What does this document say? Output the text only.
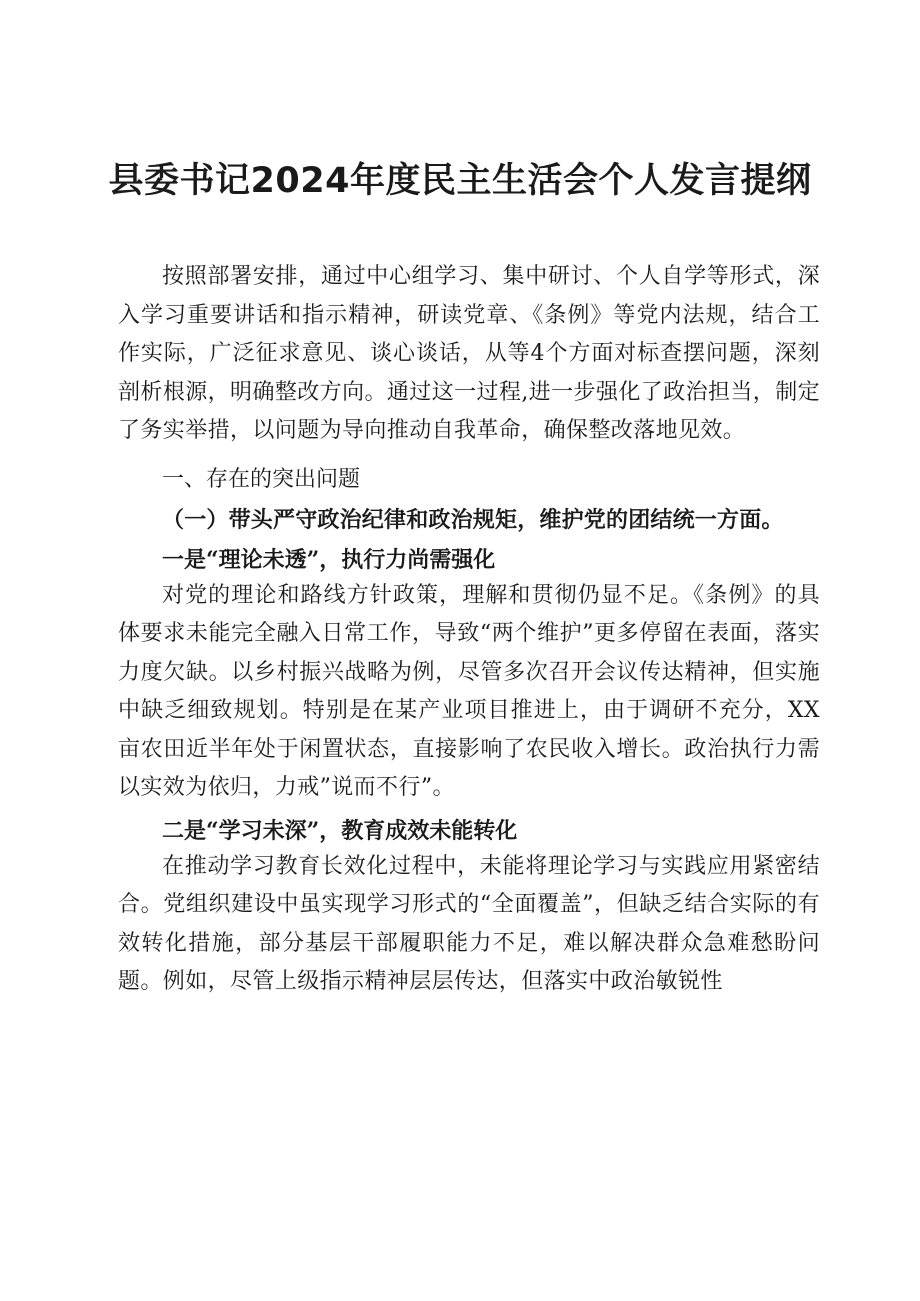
县委书记2024年度民主生活会个人发言提纲

按照部署安排，通过中心组学习、集中研讨、个人自学等形式，深入学习重要讲话和指示精神，研读党章、《条例》等党内法规，结合工作实际，广泛征求意见、谈心谈话，从等4个方面对标查摆问题，深刻剖析根源，明确整改方向。通过这一过程,进一步强化了政治担当，制定了务实举措，以问题为导向推动自我革命，确保整改落地见效。

一、存在的突出问题

（一）带头严守政治纪律和政治规矩，维护党的团结统一方面。

一是“理论未透”，执行力尚需强化

对党的理论和路线方针政策，理解和贯彻仍显不足。《条例》的具体要求未能完全融入日常工作，导致“两个维护”更多停留在表面，落实力度欠缺。以乡村振兴战略为例，尽管多次召开会议传达精神，但实施中缺乏细致规划。特别是在某产业项目推进上，由于调研不充分，XX亩农田近半年处于闲置状态，直接影响了农民收入增长。政治执行力需以实效为依归，力戒”说而不行”。

二是“学习未深”，教育成效未能转化

在推动学习教育长效化过程中，未能将理论学习与实践应用紧密结合。党组织建设中虽实现学习形式的“全面覆盖”，但缺乏结合实际的有效转化措施，部分基层干部履职能力不足，难以解决群众急难愁盼问题。例如，尽管上级指示精神层层传达，但落实中政治敏锐性
